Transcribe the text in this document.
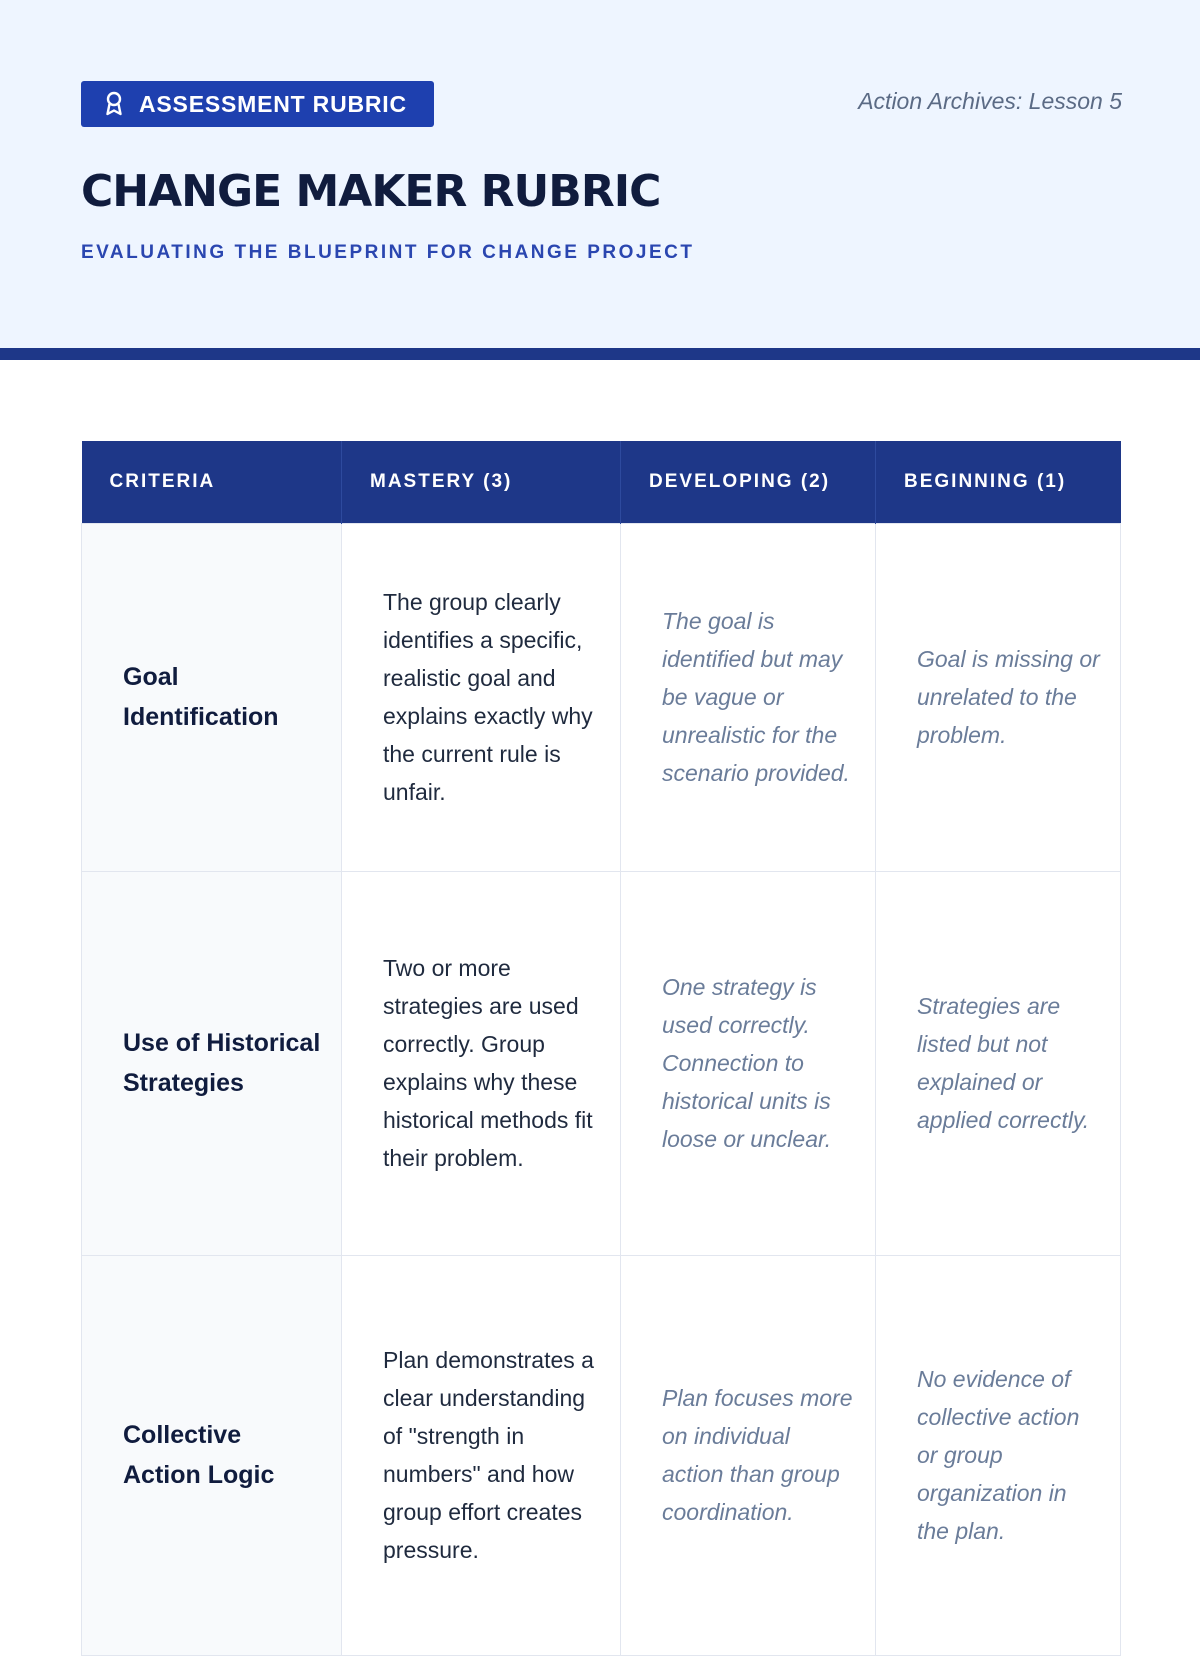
ASSESSMENT RUBRIC	Action Archives: Lesson 5
CHANGE MAKER RUBRIC
EVALUATING THE BLUEPRINT FOR CHANGE PROJECT
CRITERIA	MASTERY (3)	DEVELOPING (2)	BEGINNING (1)
Goal Identification	The group clearly identifies a specific, realistic goal and explains exactly why the current rule is unfair.	The goal is identified but may be vague or unrealistic for the scenario provided.	Goal is missing or unrelated to the problem.
Use of Historical Strategies	Two or more strategies are used correctly. Group explains why these historical methods fit their problem.	One strategy is used correctly. Connection to historical units is loose or unclear.	Strategies are listed but not explained or applied correctly.
Collective Action Logic	Plan demonstrates a clear understanding of "strength in numbers" and how group effort creates pressure.	Plan focuses more on individual action than group coordination.	No evidence of collective action or group organization in the plan.
